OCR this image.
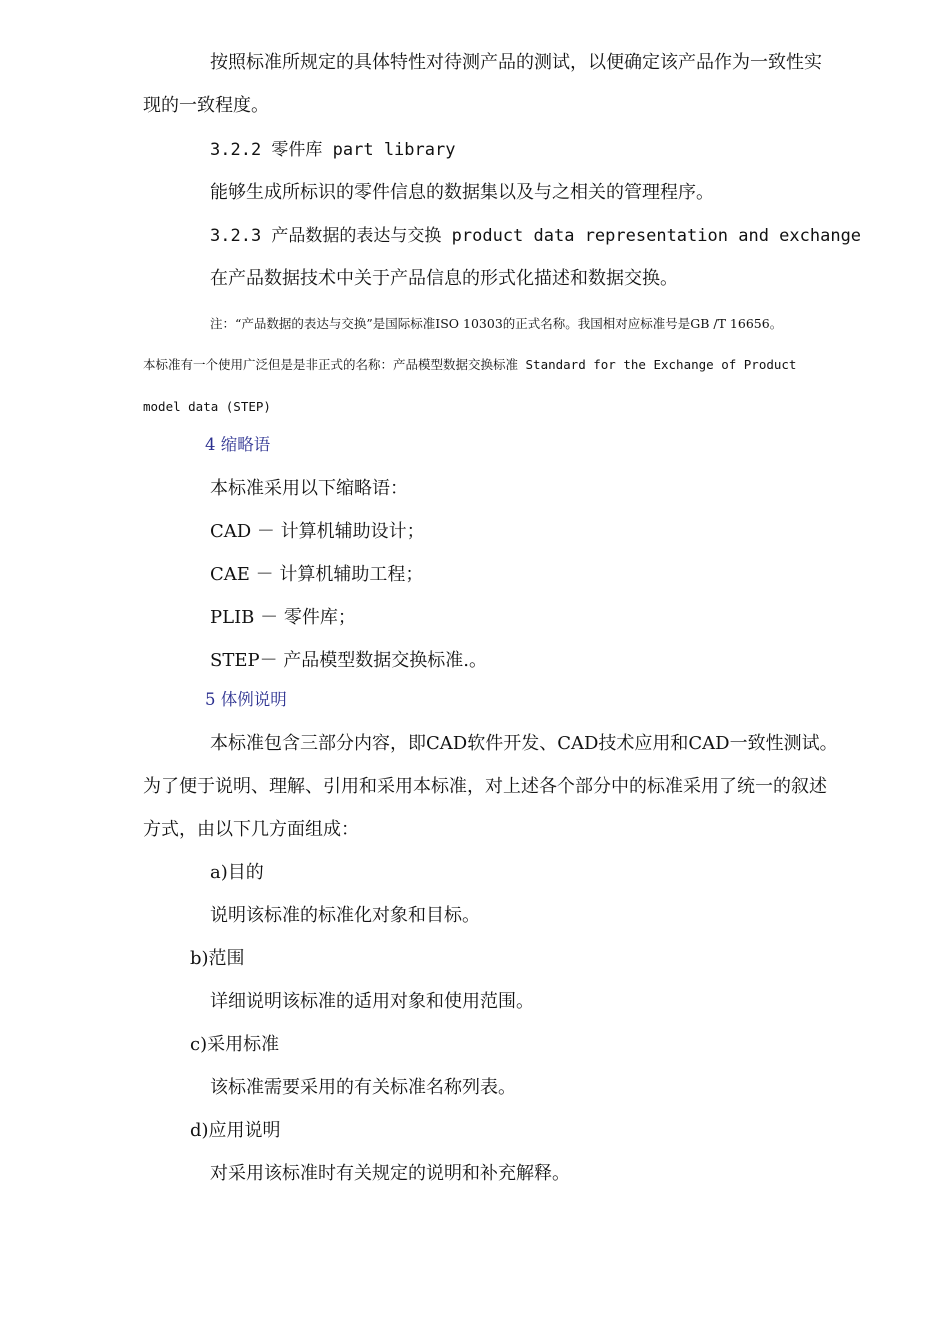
按照标准所规定的具体特性对待测产品的测试，以便确定该产品作为一致性实
现的一致程度。
3.2.2 零件库 part library
能够生成所标识的零件信息的数据集以及与之相关的管理程序。
3.2.3 产品数据的表达与交换 product data representation and exchange
在产品数据技术中关于产品信息的形式化描述和数据交换。
注：“产品数据的表达与交换”是国际标准ISO 10303的正式名称。我国相对应标准号是GB /T 16656。
本标准有一个使用广泛但是是非正式的名称：产品模型数据交换标准 Standard for the Exchange of Product
model data (STEP)
4 缩略语
本标准采用以下缩略语：
CAD － 计算机辅助设计；
CAE － 计算机辅助工程；
PLIB － 零件库；
STEP－ 产品模型数据交换标准.。
5 体例说明
本标准包含三部分内容，即CAD软件开发、CAD技术应用和CAD一致性测试。
为了便于说明、理解、引用和采用本标准，对上述各个部分中的标准采用了统一的叙述
方式，由以下几方面组成：
a)目的
说明该标准的标准化对象和目标。
b)范围
详细说明该标准的适用对象和使用范围。
c)采用标准
该标准需要采用的有关标准名称列表。
d)应用说明
对采用该标准时有关规定的说明和补充解释。
